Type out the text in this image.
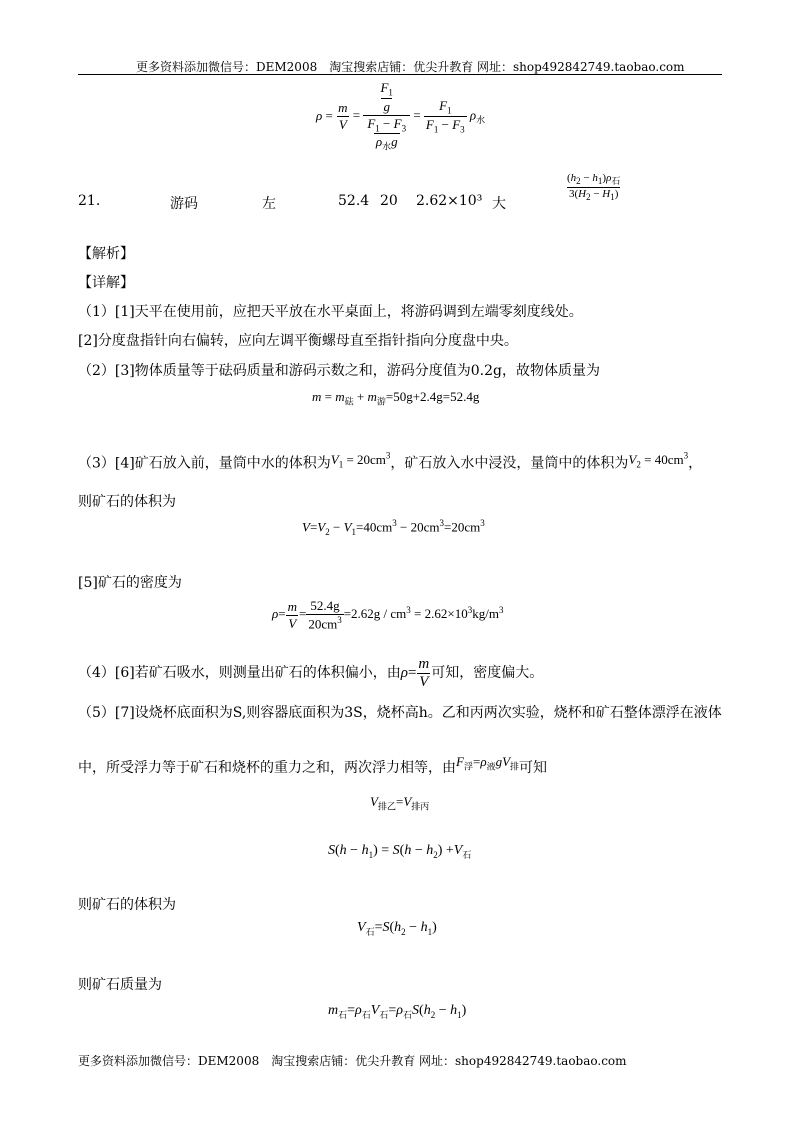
更多资料添加微信号：DEM2008　淘宝搜索店铺：优尖升教育 网址：shop492842749.taobao.com
$\rho = \frac{m}{V} = \frac{\frac{F_1}{g}}{\frac{F_1 - F_3}{\rho_水g}} = \frac{F_1}{F_1 - F_3} \rho_水$
21.	游码	左	52.4 20 2.62×10³ 大
$\frac{(h_2 - h_1)\rho_石}{3(H_2 - H_1)}$
【解析】
【详解】
（1）[1]天平在使用前，应把天平放在水平桌面上，将游码调到左端零刻度线处。
[2]分度盘指针向右偏转，应向左调平衡螺母直至指针指向分度盘中央。
（2）[3]物体质量等于砝码质量和游码示数之和，游码分度值为0.2g，故物体质量为
$m = m_砝 + m_游=50g+2.4g=52.4g$
（3）[4]矿石放入前，量筒中水的体积为$V_1 = 20cm^3$，矿石放入水中浸没，量筒中的体积为$V_2 = 40cm^3$，
则矿石的体积为
$V=V_2 - V_1=40cm^3 - 20cm^3=20cm^3$
[5]矿石的密度为
$\rho= \frac{m}{V} = \frac{52.4g}{20cm^3} =2.62g / cm^3 = 2.62\times 10^3kg/m^3$
（4）[6]若矿石吸水，则测量出矿石的体积偏小，由$\rho= \frac{m}{V}$ 可知，密度偏大。
（5）[7]设烧杯底面积为S,则容器底面积为3S，烧杯高h。乙和丙两次实验，烧杯和矿石整体漂浮在液体
中，所受浮力等于矿石和烧杯的重力之和，两次浮力相等，由$F_浮=\rho_液gV_排$可知
$V_{排乙}=V_{排丙}$
$S(h - h_1) = S(h - h_2) +V_石$
则矿石的体积为
$V_石=S(h_2 - h_1)$
则矿石质量为
$m_石=\rho_石V_石=\rho_石S(h_2 - h_1)$
更多资料添加微信号：DEM2008　淘宝搜索店铺：优尖升教育 网址：shop492842749.taobao.com
